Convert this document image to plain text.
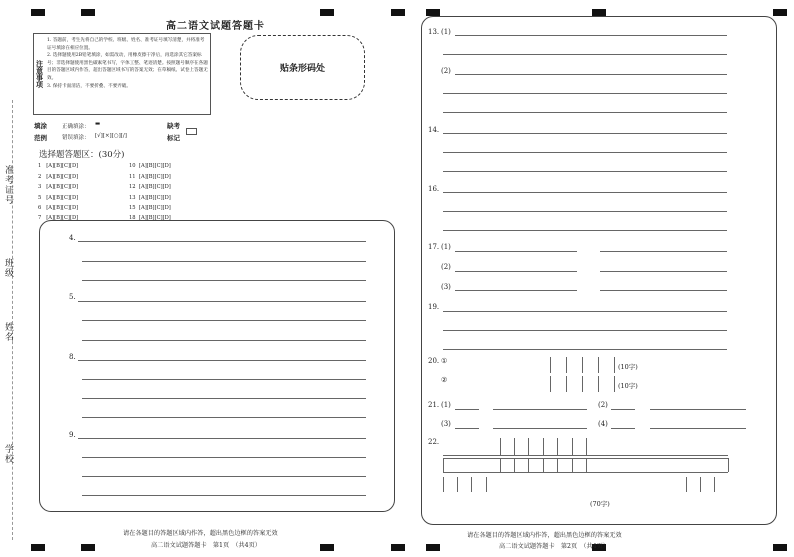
准考证号
班级
姓名
学校
高二语文试题答题卡
注意事项
1. 答题前，考生先将自己的学校、班级、姓名、准考证号填写清楚，并将准考证号填涂在相应位置。
2. 选择题使用2B铅笔填涂，如需改动，用橡皮擦干净后，再选涂其它答案标号；非选择题使用黑色碳素笔书写，字体工整、笔迹清楚。按照题号顺序在各题目的答题区域内作答，超出答题区域书写的答案无效；在草稿纸、试卷上答题无效。
3. 保持卡面清洁，不要折叠、不要弄破。
贴条形码处
填涂
范例
正确填涂： ▬
错误填涂： [√][×][○][/]
缺考
标记
选择题答题区：(30分)
1 [A][B][C][D]
2 [A][B][C][D]
3 [A][B][C][D]
5 [A][B][C][D]
6 [A][B][C][D]
7 [A][B][C][D]
10 [A][B][C][D]
11 [A][B][C][D]
12 [A][B][C][D]
13 [A][B][C][D]
15 [A][B][C][D]
18 [A][B][C][D]
4.
5.
8.
9.
请在各题目的答题区域内作答，超出黑色边框的答案无效
高二语文试题答题卡　第1页　（共4页）
13. (1)
(2)
14.
16.
17. (1)
(2)
(3)
19.
20. ①
(10字)
②
(10字)
21. (1)	(2)
(3)	(4)
22.
(70字)
请在各题目的答题区域内作答，超出黑色边框的答案无效
高二语文试题答题卡　第2页　（共4页）
